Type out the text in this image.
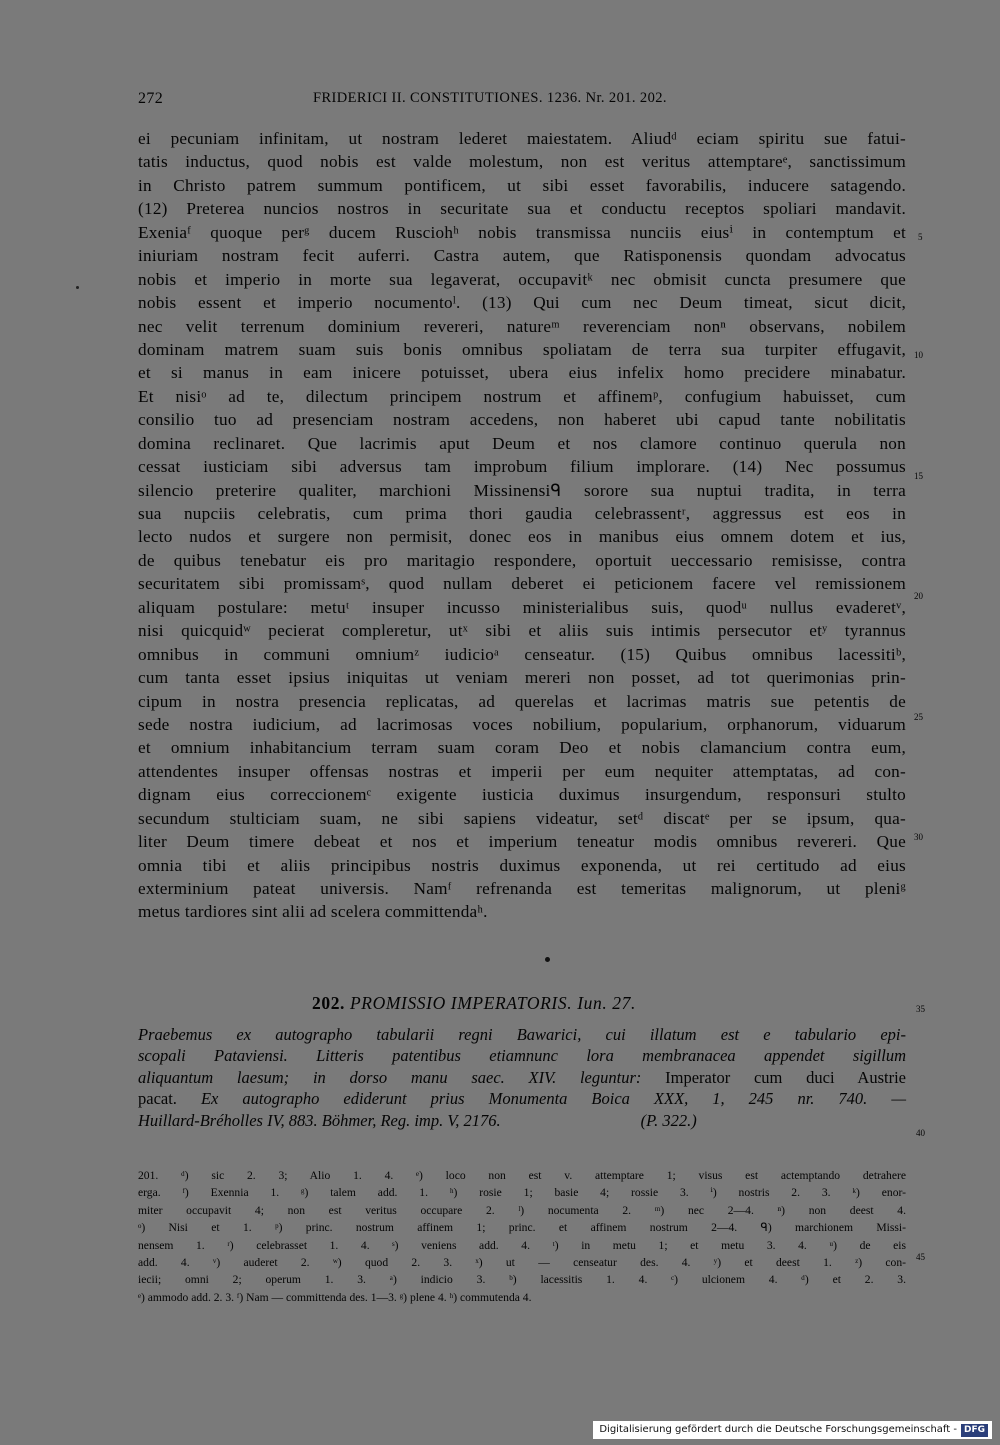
272	FRIDERICI II. CONSTITUTIONES. 1236. Nr. 201. 202.
ei pecuniam infinitam, ut nostram lederet maiestatem. Aliudᵈ eciam spiritu sue fatui-
tatis inductus, quod nobis est valde molestum, non est veritus attemptareᵉ, sanctissimum
in Christo patrem summum pontificem, ut sibi esset favorabilis, inducere satagendo.
(12) Preterea nuncios nostros in securitate sua et conductu receptos spoliari mandavit.
Exeniaᶠ quoque perᵍ ducem Rusciohʰ nobis transmissa nunciis eiusⁱ in contemptum et
iniuriam nostram fecit auferri. Castra autem, que Ratisponensis quondam advocatus
nobis et imperio in morte sua legaverat, occupavitᵏ nec obmisit cuncta presumere que
nobis essent et imperio nocumentoˡ. (13) Qui cum nec Deum timeat, sicut dicit,
nec velit terrenum dominium revereri, natureᵐ reverenciam nonⁿ observans, nobilem
dominam matrem suam suis bonis omnibus spoliatam de terra sua turpiter effugavit,
et si manus in eam inicere potuisset, ubera eius infelix homo precidere minabatur.
Et nisiᵒ ad te, dilectum principem nostrum et affinemᵖ, confugium habuisset, cum
consilio tuo ad presenciam nostram accedens, non haberet ubi capud tante nobilitatis
domina reclinaret. Que lacrimis aput Deum et nos clamore continuo querula non
cessat iusticiam sibi adversus tam improbum filium implorare. (14) Nec possumus
silencio preterire qualiter, marchioni Missinensiᑫ sorore sua nuptui tradita, in terra
sua nupciis celebratis, cum prima thori gaudia celebrassentʳ, aggressus est eos in
lecto nudos et surgere non permisit, donec eos in manibus eius omnem dotem et ius,
de quibus tenebatur eis pro maritagio respondere, oportuit ueccessario remisisse, contra
securitatem sibi promissamˢ, quod nullam deberet ei peticionem facere vel remissionem
aliquam postulare: metuᵗ insuper incusso ministerialibus suis, quodᵘ nullus evaderetᵛ,
nisi quicquidʷ pecierat compleretur, utˣ sibi et aliis suis intimis persecutor etʸ tyrannus
omnibus in communi omniumᶻ iudicioᵃ censeatur. (15) Quibus omnibus lacessitiᵇ,
cum tanta esset ipsius iniquitas ut veniam mereri non posset, ad tot querimonias prin-
cipum in nostra presencia replicatas, ad querelas et lacrimas matris sue petentis de
sede nostra iudicium, ad lacrimosas voces nobilium, popularium, orphanorum, viduarum
et omnium inhabitancium terram suam coram Deo et nobis clamancium contra eum,
attendentes insuper offensas nostras et imperii per eum nequiter attemptatas, ad con-
dignam eius correccionemᶜ exigente iusticia duximus insurgendum, responsuri stulto
secundum stulticiam suam, ne sibi sapiens videatur, setᵈ discatᵉ per se ipsum, qua-
liter Deum timere debeat et nos et imperium teneatur modis omnibus revereri. Que
omnia tibi et aliis principibus nostris duximus exponenda, ut rei certitudo ad eius
exterminium pateat universis. Namᶠ refrenanda est temeritas malignorum, ut pleniᵍ
metus tardiores sint alii ad scelera committendaʰ.
5
10
15
20
25
30
35
40
45
202. PROMISSIO IMPERATORIS. Iun. 27.
Praebemus ex autographo tabularii regni Bawarici, cui illatum est e tabulario epi-
scopali Pataviensi. Litteris patentibus etiamnunc lora membranacea appendet sigillum
aliquantum laesum; in dorso manu saec. XIV. leguntur: Imperator cum duci Austrie
pacat. Ex autographo ediderunt prius Monumenta Boica XXX, 1, 245 nr. 740. —
Huillard-Bréholles IV, 883. Böhmer, Reg. imp. V, 2176.	(P. 322.)
201. ᵈ) sic 2. 3; Alio 1. 4. ᵉ) loco non est v. attemptare 1; visus est actemptando detrahere
erga. ᶠ) Exennia 1. ᵍ) talem add. 1. ʰ) rosie 1; basie 4; rossie 3. ⁱ) nostris 2. 3. ᵏ) enor-
miter occupavit 4; non est veritus occupare 2. ˡ) nocumenta 2. ᵐ) nec 2—4. ⁿ) non deest 4.
ᵒ) Nisi et 1. ᵖ) princ. nostrum affinem 1; princ. et affinem nostrum 2—4. ᑫ) marchionem Missi-
nensem 1. ʳ) celebrasset 1. 4. ˢ) veniens add. 4. ᵗ) in metu 1; et metu 3. 4. ᵘ) de eis
add. 4. ᵛ) auderet 2. ʷ) quod 2. 3. ˣ) ut — censeatur des. 4. ʸ) et deest 1. ᶻ) con-
iecii; omni 2; operum 1. 3. ᵃ) indicio 3. ᵇ) lacessitis 1. 4. ᶜ) ulcionem 4. ᵈ) et 2. 3.
ᵉ) ammodo add. 2. 3. ᶠ) Nam — committenda des. 1—3. ᵍ) plene 4. ʰ) commutenda 4.
Digitalisierung gefördert durch die Deutsche Forschungsgemeinschaft - DFG
